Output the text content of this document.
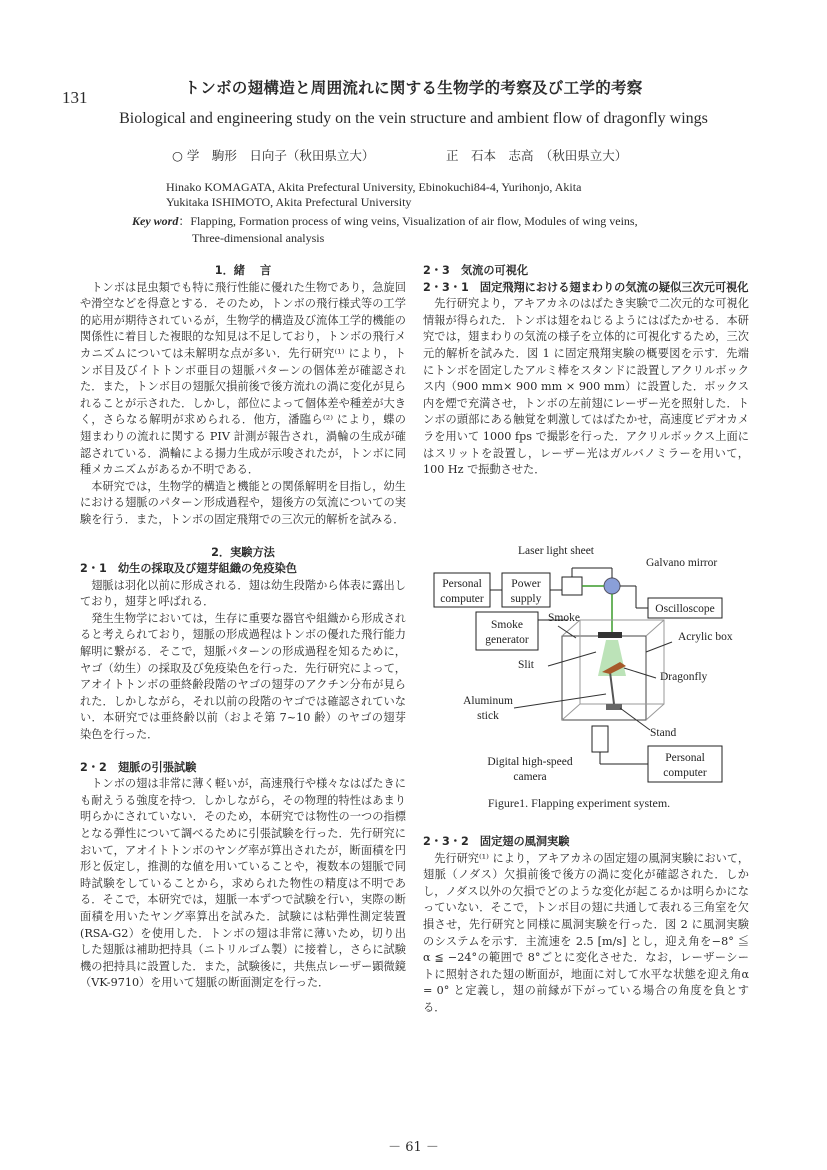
131	トンボの翅構造と周囲流れに関する生物学的考察及び工学的考察
Biological and engineering study on the vein structure and ambient flow of dragonfly wings
○ 学　駒形　日向子（秋田県立大）	正　石本　志高　（秋田県立大）
Hinako KOMAGATA, Akita Prefectural University, Ebinokuchi84-4, Yurihonjo, Akita
Yukitaka ISHIMOTO, Akita Prefectural University
Key word：Flapping, Formation process of wing veins, Visualization of air flow, Modules of wing veins,
Three-dimensional analysis
1．緒　 言

トンボは昆虫類でも特に飛行性能に優れた生物であり，急旋回や滑空などを得意とする．そのため，トンボの飛行様式等の工学的応用が期待されているが，生物学的構造及び流体工学的機能の関係性に着目した複眼的な知見は不足しており，トンボの飛行メカニズムについては未解明な点が多い．先行研究⁽¹⁾ により，トンボ目及びイトトンボ亜目の翅脈パターンの個体差が確認された．また，トンボ目の翅脈欠損前後で後方流れの渦に変化が見られることが示された．しかし，部位によって個体差や種差が大きく，さらなる解明が求められる．他方，潘臨ら⁽²⁾ により，蝶の翅まわりの流れに関する PIV 計測が報告され，渦輪の生成が確認されている．渦輪による揚力生成が示唆されたが，トンボに同種メカニズムがあるか不明である．

本研究では，生物学的構造と機能との関係解明を目指し，幼生における翅脈のパターン形成過程や，翅後方の気流についての実験を行う．また，トンボの固定飛翔での三次元的解析を試みる．

2．実験方法
2・1　幼生の採取及び翅芽組織の免疫染色

翅脈は羽化以前に形成される．翅は幼生段階から体表に露出しており，翅芽と呼ばれる．

発生生物学においては，生存に重要な器官や組織から形成されると考えられており，翅脈の形成過程はトンボの優れた飛行能力解明に繋がる．そこで，翅脈パターンの形成過程を知るために，ヤゴ（幼生）の採取及び免疫染色を行った．先行研究によって，アオイトトンボの亜終齢段階のヤゴの翅芽のアクチン分布が見られた．しかしながら，それ以前の段階のヤゴでは確認されていない．本研究では亜終齢以前（およそ第 7~10 齢）のヤゴの翅芽染色を行った．

2・2　翅脈の引張試験

トンボの翅は非常に薄く軽いが，高速飛行や様々なはばたきにも耐えうる強度を持つ．しかしながら，その物理的特性はあまり明らかにされていない．そのため，本研究では物性の一つの指標となる弾性について調べるために引張試験を行った．先行研究において，アオイトトンボのヤング率が算出されたが，断面積を円形と仮定し，推測的な値を用いていることや，複数本の翅脈で同時試験をしていることから，求められた物性の精度は不明である．そこで，本研究では，翅脈一本ずつで試験を行い，実際の断面積を用いたヤング率算出を試みた．試験には粘弾性測定装置(RSA-G2）を使用した．トンボの翅は非常に薄いため，切り出した翅脈は補助把持具（ニトリルゴム製）に接着し，さらに試験機の把持具に設置した．また，試験後に，共焦点レーザー顕微鏡（VK-9710）を用いて翅脈の断面測定を行った．

2・3　気流の可視化
2・3・1　固定飛翔における翅まわりの気流の疑似三次元可視化

先行研究より，アキアカネのはばたき実験で二次元的な可視化情報が得られた．トンボは翅をねじるようにはばたかせる．本研究では，翅まわりの気流の様子を立体的に可視化するため，三次元的解析を試みた．図 1 に固定飛翔実験の概要図を示す．先端にトンボを固定したアルミ棒をスタンドに設置しアクリルボックス内（900 mm× 900 mm × 900 mm）に設置した．ボックス内を煙で充満させ，トンボの左前翅にレーザー光を照射した．トンボの頭部にある触覚を刺激してはばたかせ，高速度ビデオカメラを用いて 1000 fps で撮影を行った．アクリルボックス上面にはスリットを設置し，レーザー光はガルバノミラーを用いて，100 Hz で振動させた．

Laser light sheet
Galvano mirror
Personal
computer
Power
supply
Oscilloscope
Smoke
Smoke
generator	Acrylic box
Slit
Dragonfly
Aluminum
stick
Stand
Digital high-speed
camera
Personal
computer
Figure1. Flapping experiment system.
2・3・2　固定翅の風洞実験

先行研究⁽¹⁾ により，アキアカネの固定翅の風洞実験において，翅脈（ノダス）欠損前後で後方の渦に変化が確認された．しかし，ノダス以外の欠損でどのような変化が起こるかは明らかになっていない．そこで，トンボ目の翅に共通して表れる三角室を欠損させ，先行研究と同様に風洞実験を行った．図 2 に風洞実験のシステムを示す．主流速を 2.5 [m/s] とし，迎え角を−8° ≦ α ≦ −24°の範囲で 8°ごとに変化させた．なお，レーザーシートに照射された翅の断面が，地面に対して水平な状態を迎え角α = 0° と定義し，翅の前縁が下がっている場合の角度を負とする．

－ 61 －
